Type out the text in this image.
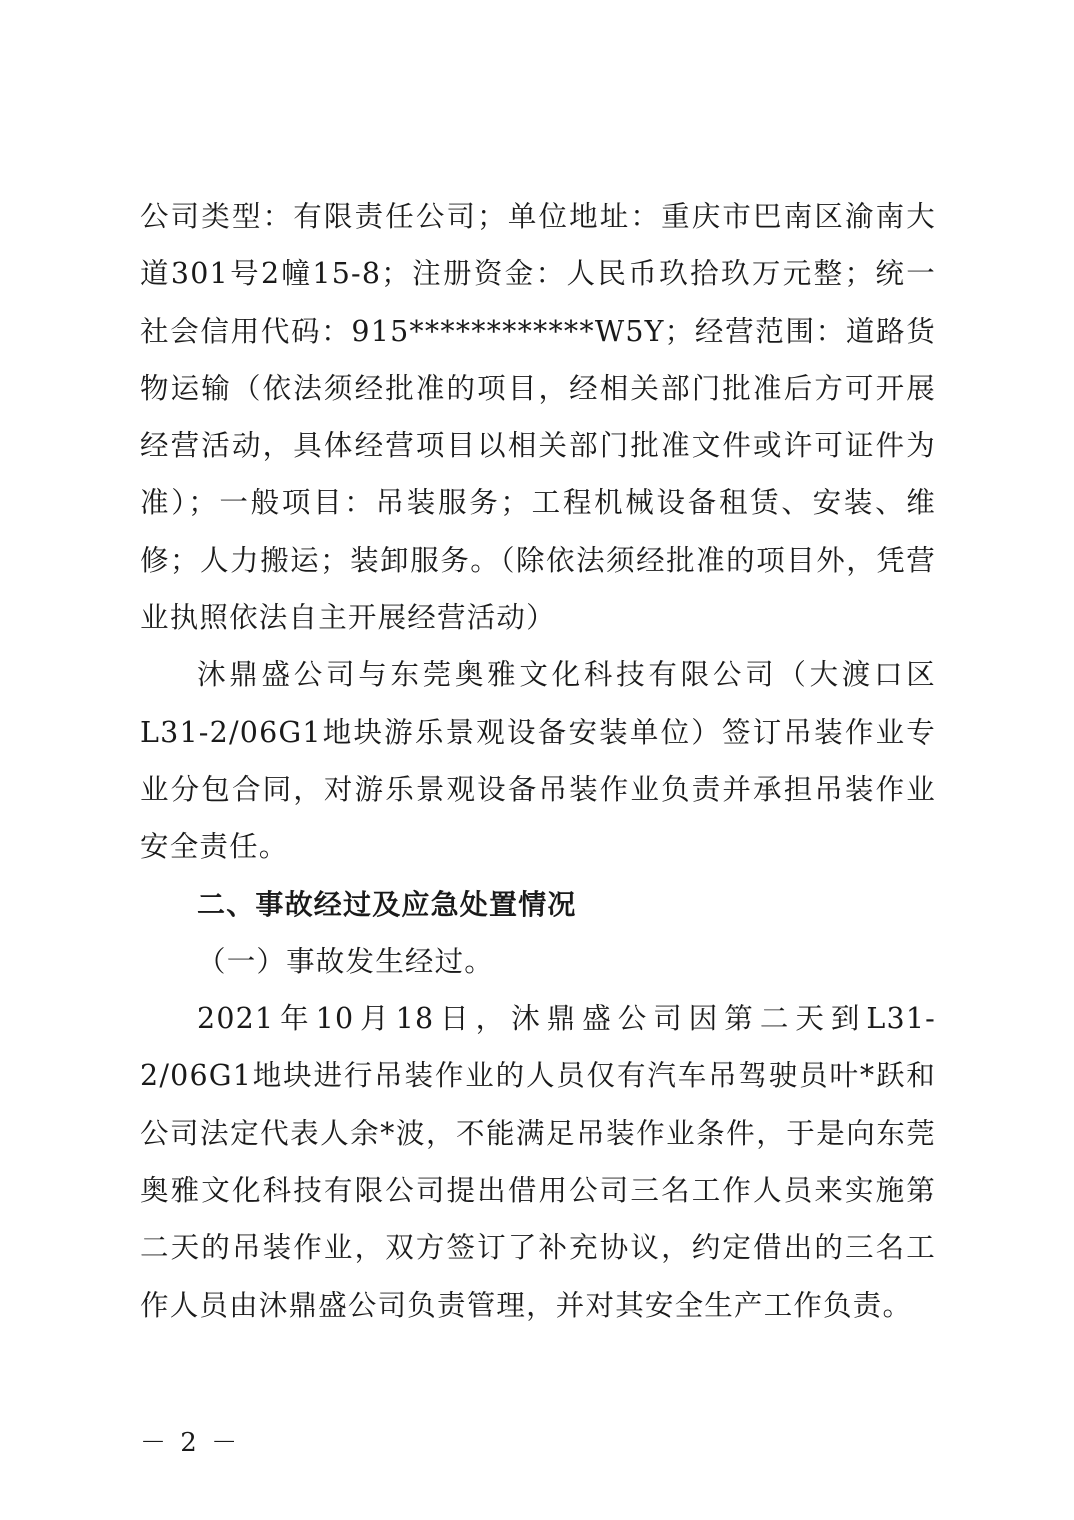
公司类型：有限责任公司；单位地址：重庆市巴南区渝南大道301号2幢15-8；注册资金：人民币玖拾玖万元整；统一社会信用代码：915************W5Y；经营范围：道路货物运输（依法须经批准的项目，经相关部门批准后方可开展经营活动，具体经营项目以相关部门批准文件或许可证件为准）；一般项目：吊装服务；工程机械设备租赁、安装、维修；人力搬运；装卸服务。（除依法须经批准的项目外，凭营业执照依法自主开展经营活动）

沐鼎盛公司与东莞奥雅文化科技有限公司（大渡口区L31-2/06G1地块游乐景观设备安装单位）签订吊装作业专业分包合同，对游乐景观设备吊装作业负责并承担吊装作业安全责任。

二、事故经过及应急处置情况

（一）事故发生经过。

2021年10月18日，沐鼎盛公司因第二天到L31-2/06G1地块进行吊装作业的人员仅有汽车吊驾驶员叶*跃和公司法定代表人余*波，不能满足吊装作业条件，于是向东莞奥雅文化科技有限公司提出借用公司三名工作人员来实施第二天的吊装作业，双方签订了补充协议，约定借出的三名工作人员由沐鼎盛公司负责管理，并对其安全生产工作负责。

－ 2 －
